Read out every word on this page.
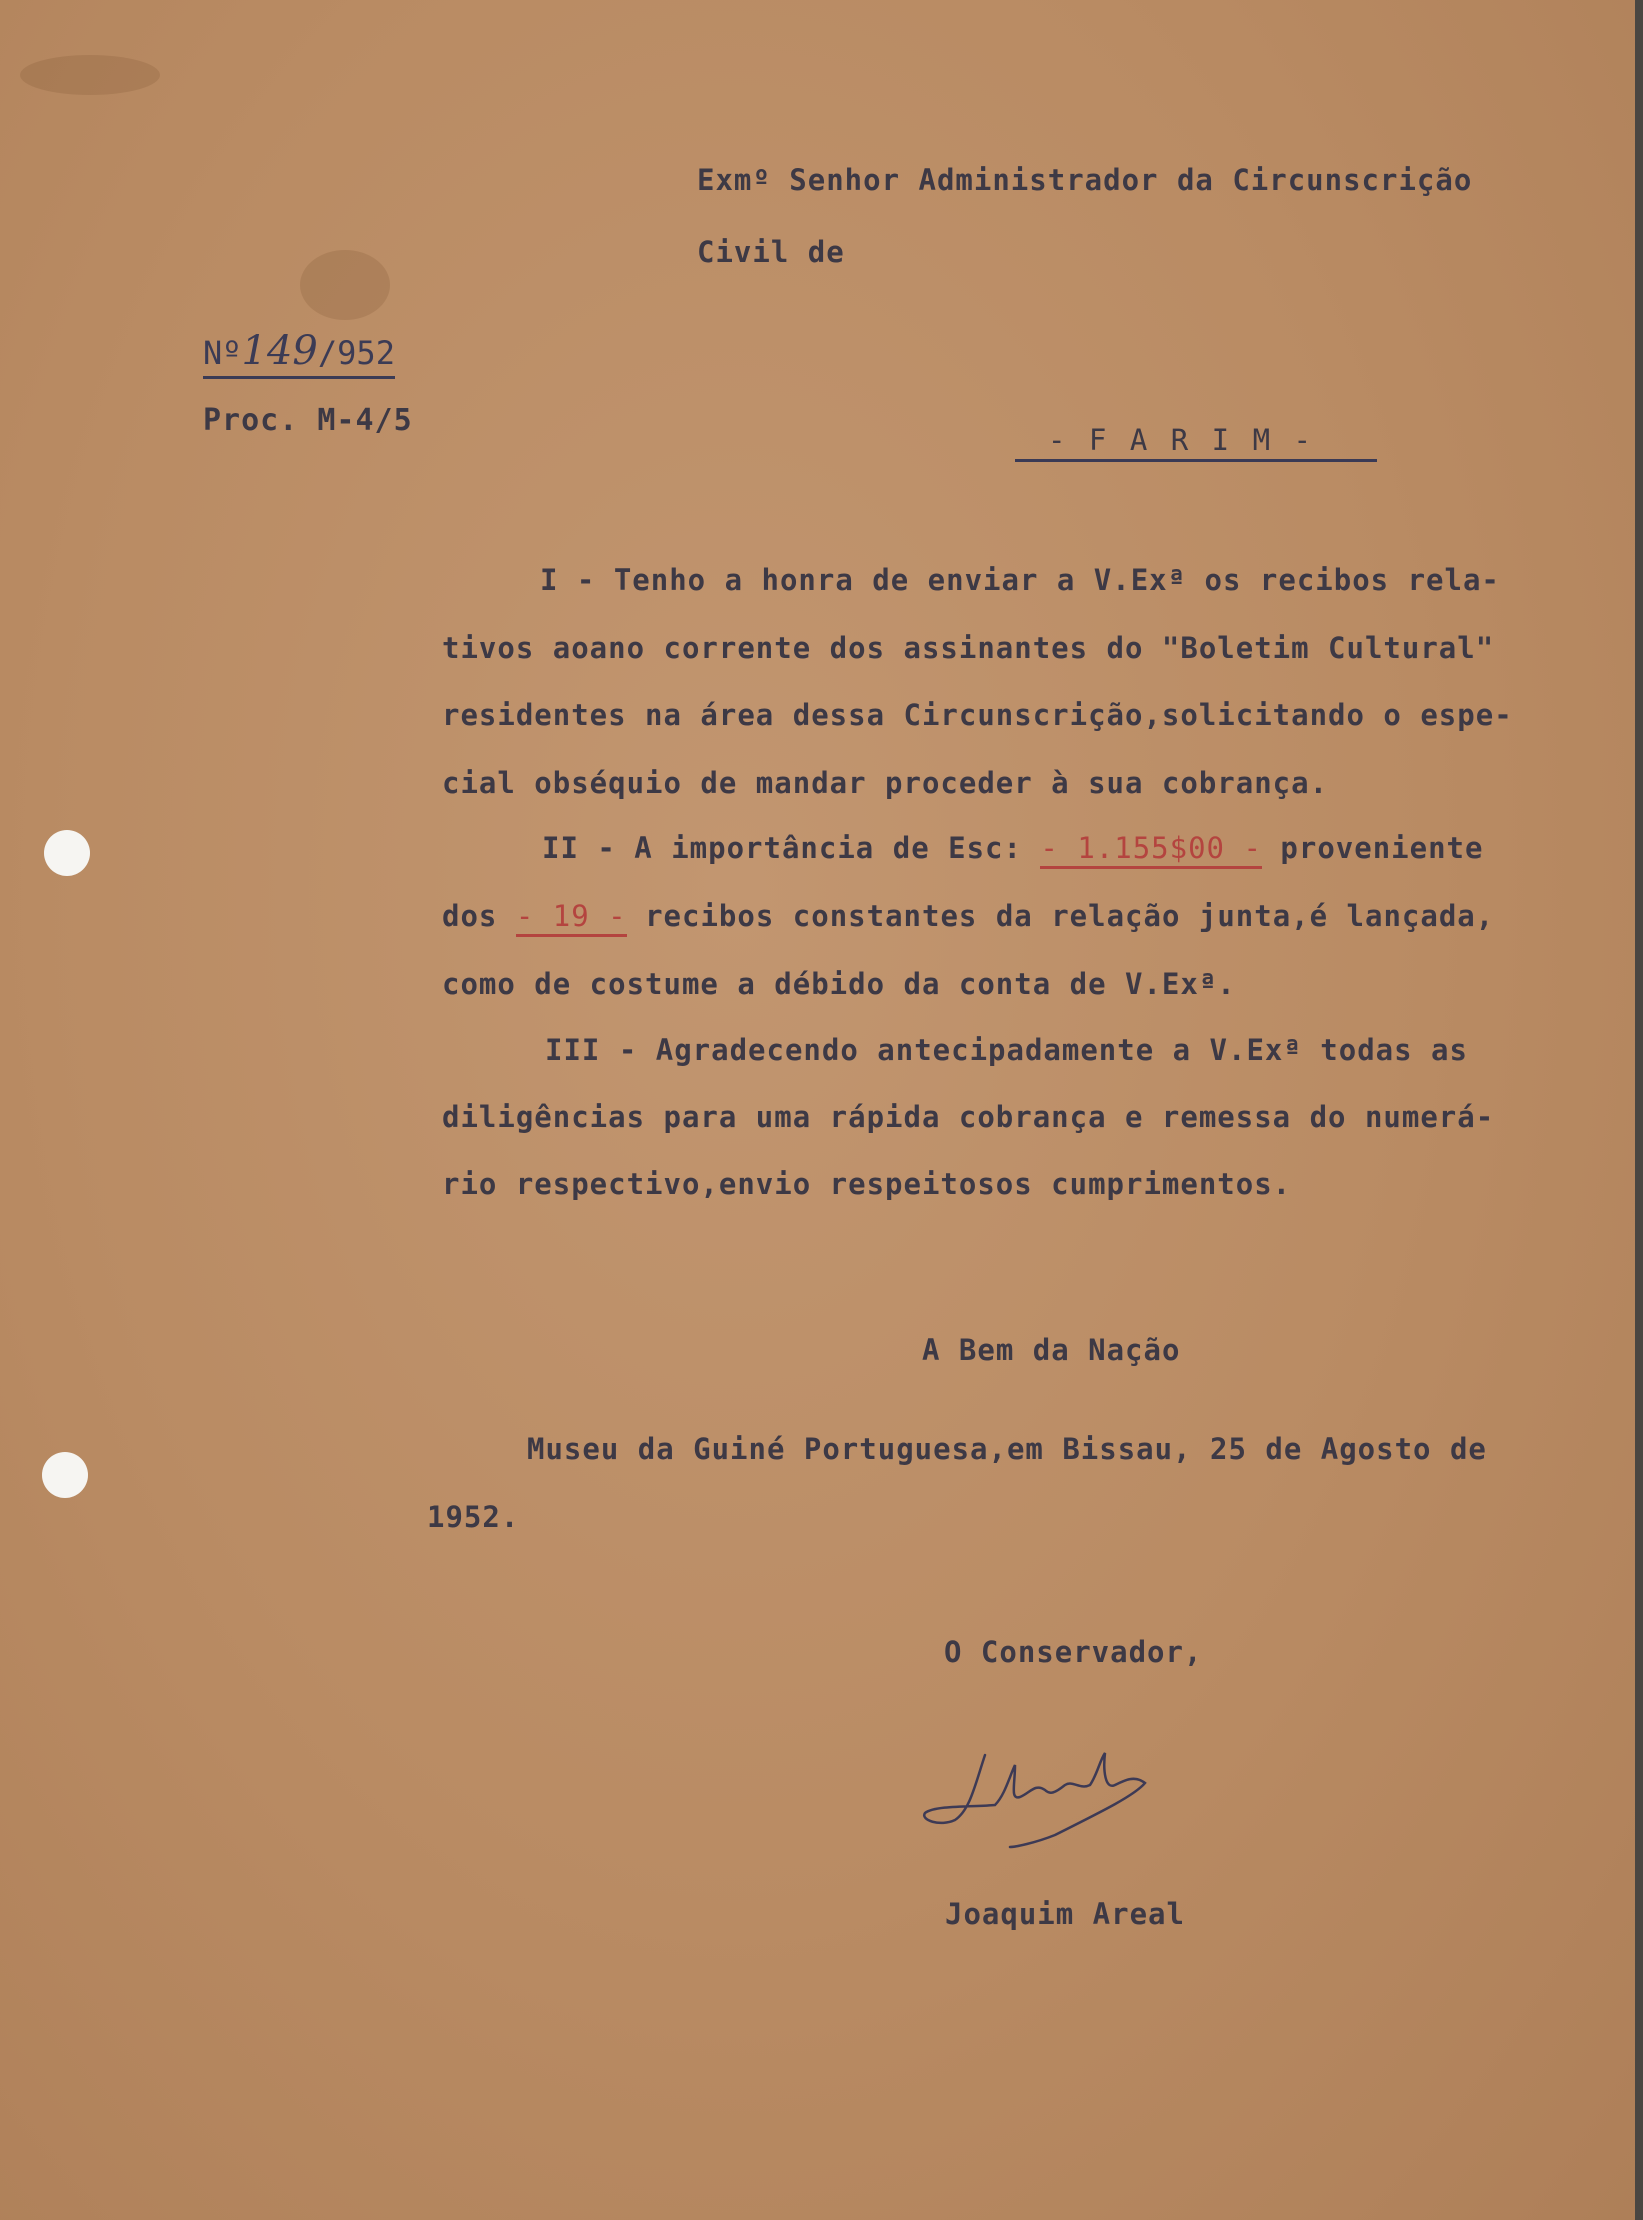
Exmº Senhor Administrador da Circunscrição
Civil de
Nº149/952
Proc. M-4/5
- F A R I M -
I - Tenho a honra de enviar a V.Exª os recibos rela-
tivos aoano corrente dos assinantes do "Boletim Cultural"
residentes na área dessa Circunscrição,solicitando o espe-
cial obséquio de mandar proceder à sua cobrança.
II - A importância de Esc: - 1.155$00 - proveniente
dos - 19 - recibos constantes da relação junta,é lançada,
como de costume a débido da conta de V.Exª.
III - Agradecendo antecipadamente a V.Exª todas as
diligências para uma rápida cobrança e remessa do numerá-
rio respectivo,envio respeitosos cumprimentos.
A Bem da Nação
Museu da Guiné Portuguesa,em Bissau, 25 de Agosto de
1952.
O Conservador,
Joaquim Areal
